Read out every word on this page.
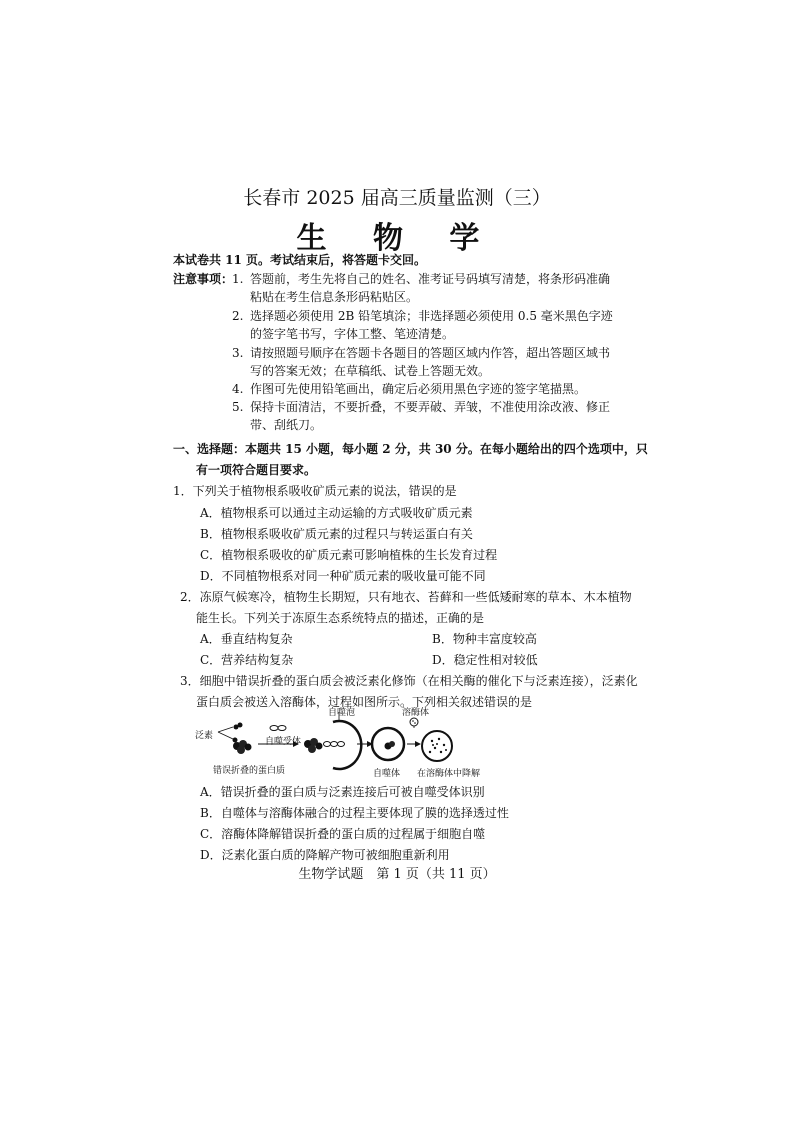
长春市 2025 届高三质量监测（三）
生 物 学
本试卷共 11 页。考试结束后，将答题卡交回。
注意事项：
1. 答题前，考生先将自己的姓名、准考证号码填写清楚，将条形码准确
粘贴在考生信息条形码粘贴区。
2. 选择题必须使用 2B 铅笔填涂；非选择题必须使用 0.5 毫米黑色字迹
的签字笔书写，字体工整、笔迹清楚。
3. 请按照题号顺序在答题卡各题目的答题区域内作答，超出答题区域书
写的答案无效；在草稿纸、试卷上答题无效。
4. 作图可先使用铅笔画出，确定后必须用黑色字迹的签字笔描黑。
5. 保持卡面清洁，不要折叠，不要弄破、弄皱，不准使用涂改液、修正
带、刮纸刀。
一、选择题：本题共 15 小题，每小题 2 分，共 30 分。在每小题给出的四个选项中，只
有一项符合题目要求。
1．下列关于植物根系吸收矿质元素的说法，错误的是
A．植物根系可以通过主动运输的方式吸收矿质元素
B．植物根系吸收矿质元素的过程只与转运蛋白有关
C．植物根系吸收的矿质元素可影响植株的生长发育过程
D．不同植物根系对同一种矿质元素的吸收量可能不同
2．冻原气候寒冷，植物生长期短，只有地衣、苔藓和一些低矮耐寒的草本、木本植物
能生长。下列关于冻原生态系统特点的描述，正确的是
A．垂直结构复杂	B．物种丰富度较高
C．营养结构复杂	D．稳定性相对较低
3．细胞中错误折叠的蛋白质会被泛素化修饰（在相关酶的催化下与泛素连接），泛素化
蛋白质会被送入溶酶体，过程如图所示。下列相关叙述错误的是
泛素
错误折叠的蛋白质
自噬受体
自噬泡	溶酶体
自噬体 在溶酶体中降解
A．错误折叠的蛋白质与泛素连接后可被自噬受体识别
B．自噬体与溶酶体融合的过程主要体现了膜的选择透过性
C．溶酶体降解错误折叠的蛋白质的过程属于细胞自噬
D．泛素化蛋白质的降解产物可被细胞重新利用
生物学试题　第 1 页（共 11 页）
